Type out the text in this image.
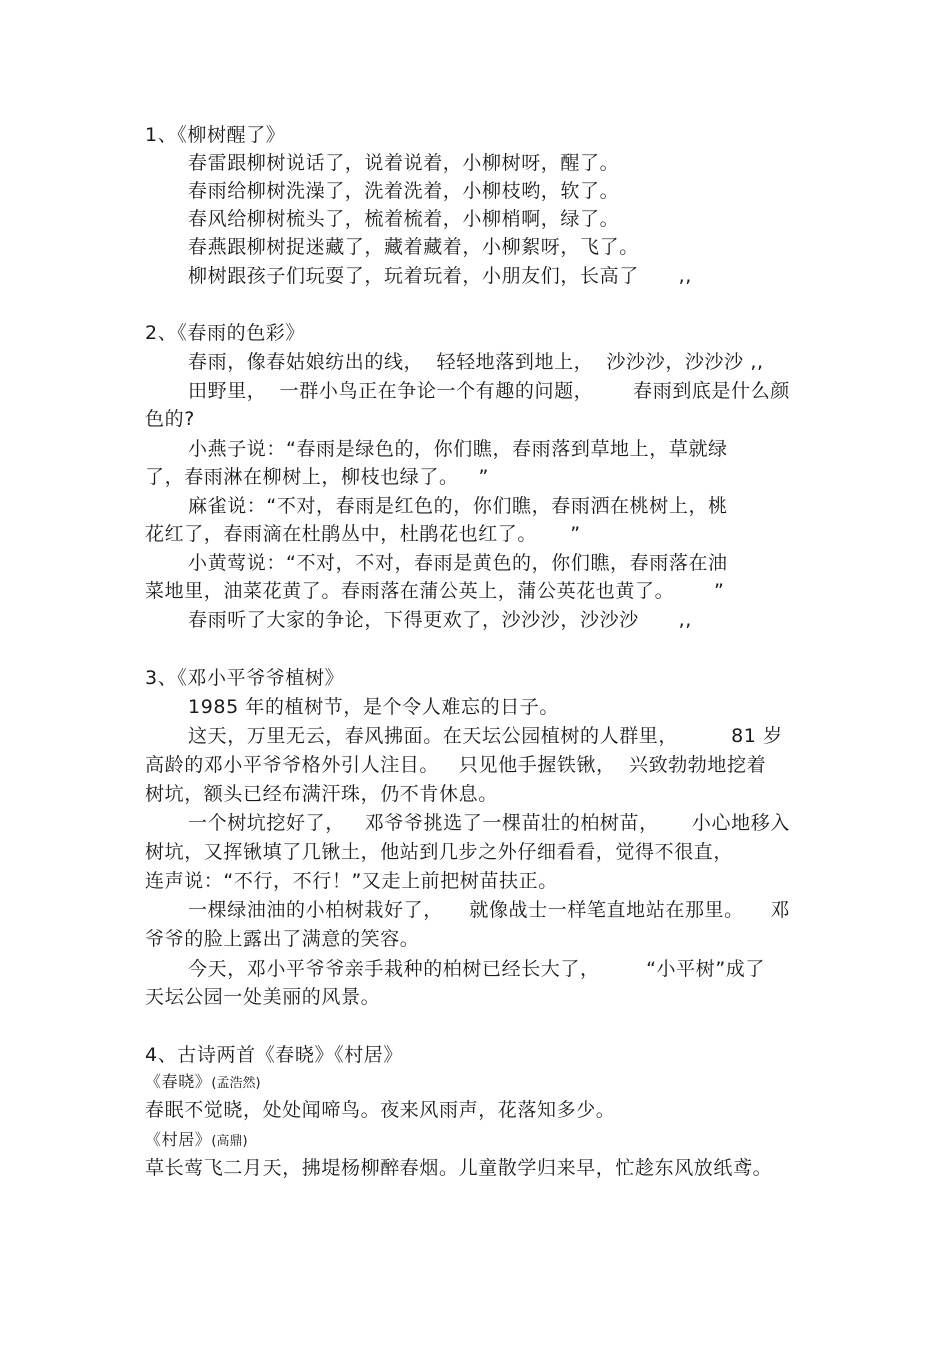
1、《柳树醒了》
春雷跟柳树说话了，说着说着，小柳树呀，醒了。
春雨给柳树洗澡了，洗着洗着，小柳枝哟，软了。
春风给柳树梳头了，梳着梳着，小柳梢啊，绿了。
春燕跟柳树捉迷藏了，藏着藏着，小柳絮呀，飞了。
柳树跟孩子们玩耍了，玩着玩着，小朋友们，长高了      ,,
2、《春雨的色彩》
春雨，像春姑娘纺出的线，  轻轻地落到地上，  沙沙沙，沙沙沙 ,,
田野里，  一群小鸟正在争论一个有趣的问题，      春雨到底是什么颜
色的?
小燕子说：“春雨是绿色的，你们瞧，春雨落到草地上，草就绿
了，春雨淋在柳树上，柳枝也绿了。   ”
麻雀说：“不对，春雨是红色的，你们瞧，春雨洒在桃树上，桃
花红了，春雨滴在杜鹃丛中，杜鹃花也红了。     ”
小黄莺说：“不对，不对，春雨是黄色的，你们瞧，春雨落在油
菜地里，油菜花黄了。春雨落在蒲公英上，蒲公英花也黄了。      ”
春雨听了大家的争论，下得更欢了，沙沙沙，沙沙沙      ,,
3、《邓小平爷爷植树》
1985 年的植树节，是个令人难忘的日子。
这天，万里无云，春风拂面。在天坛公园植树的人群里，        81 岁
高龄的邓小平爷爷格外引人注目。   只见他手握铁锹，  兴致勃勃地挖着
树坑，额头已经布满汗珠，仍不肯休息。
一个树坑挖好了，   邓爷爷挑选了一棵苗壮的柏树苗，     小心地移入
树坑，又挥锹填了几锹土，他站到几步之外仔细看看，觉得不很直，
连声说：“不行，不行！”又走上前把树苗扶正。
一棵绿油油的小柏树栽好了，    就像战士一样笔直地站在那里。    邓
爷爷的脸上露出了满意的笑容。
今天，邓小平爷爷亲手栽种的柏树已经长大了，       “小平树”成了
天坛公园一处美丽的风景。
4、古诗两首《春晓》《村居》
《春晓》(孟浩然)
春眠不觉晓，处处闻啼鸟。夜来风雨声，花落知多少。
《村居》(高鼎)
草长莺飞二月天，拂堤杨柳醉春烟。儿童散学归来早，忙趁东风放纸鸢。
